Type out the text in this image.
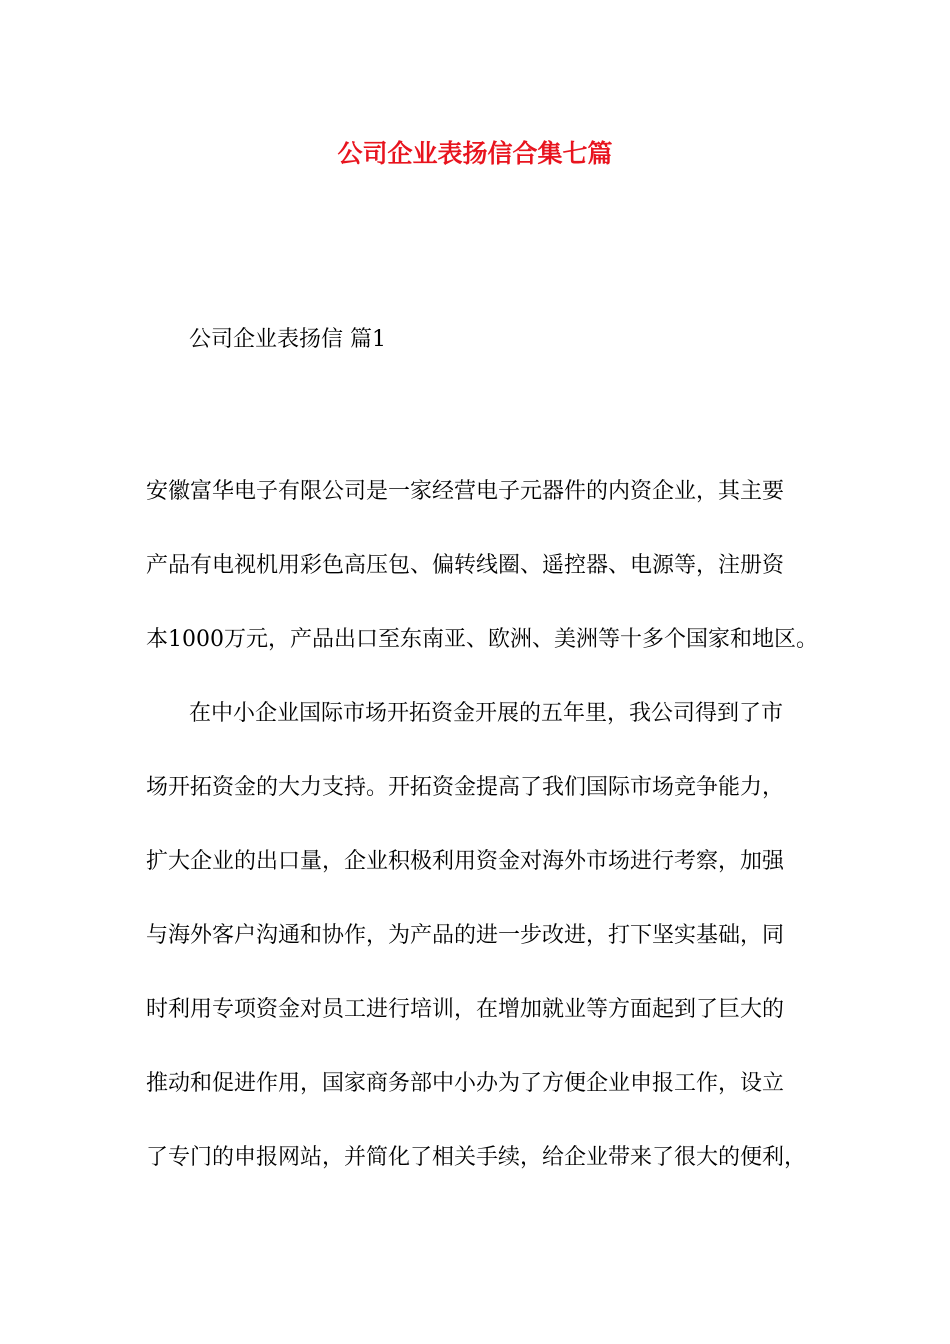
公司企业表扬信合集七篇
公司企业表扬信 篇1
安徽富华电子有限公司是一家经营电子元器件的内资企业，其主要
产品有电视机用彩色高压包、偏转线圈、遥控器、电源等，注册资
本1000万元，产品出口至东南亚、欧洲、美洲等十多个国家和地区。
在中小企业国际市场开拓资金开展的五年里，我公司得到了市
场开拓资金的大力支持。开拓资金提高了我们国际市场竞争能力，
扩大企业的出口量，企业积极利用资金对海外市场进行考察，加强
与海外客户沟通和协作，为产品的进一步改进，打下坚实基础，同
时利用专项资金对员工进行培训，在增加就业等方面起到了巨大的
推动和促进作用，国家商务部中小办为了方便企业申报工作，设立
了专门的申报网站，并简化了相关手续，给企业带来了很大的便利，
